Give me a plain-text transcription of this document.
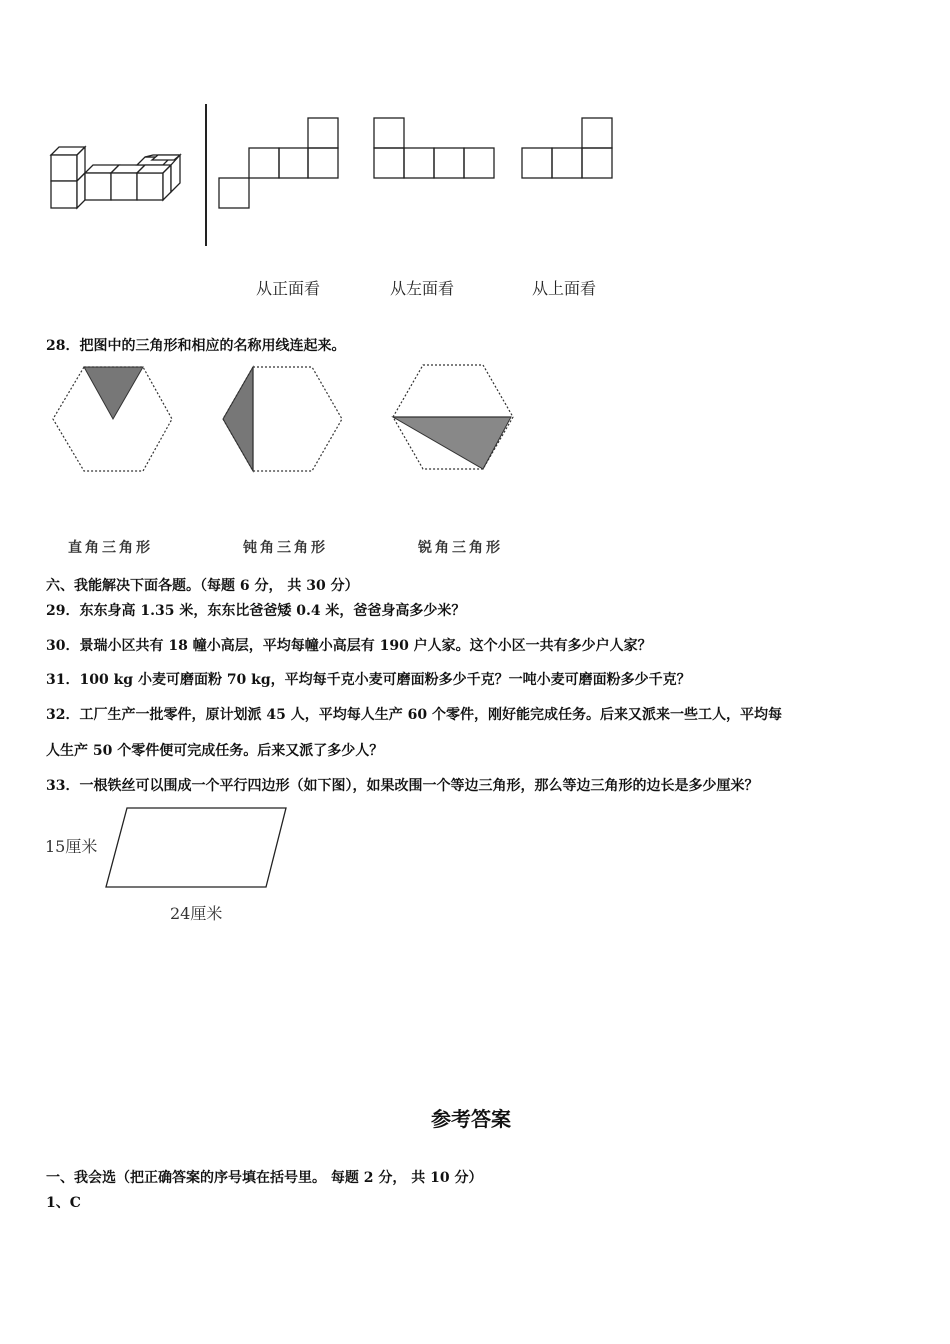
从正面看	从左面看	从上面看
28．把图中的三角形和相应的名称用线连起来。
直角三角形	钝角三角形	锐角三角形
六、我能解决下面各题。（每题 6 分， 共 30 分）
29．东东身高 1.35 米，东东比爸爸矮 0.4 米，爸爸身高多少米？
30．景瑞小区共有 18 幢小高层，平均每幢小高层有 190 户人家。这个小区一共有多少户人家？
31．100 kg 小麦可磨面粉 70 kg，平均每千克小麦可磨面粉多少千克？一吨小麦可磨面粉多少千克？
32．工厂生产一批零件，原计划派 45 人，平均每人生产 60 个零件，刚好能完成任务。后来又派来一些工人，平均每
人生产 50 个零件便可完成任务。后来又派了多少人？
33．一根铁丝可以围成一个平行四边形（如下图），如果改围一个等边三角形，那么等边三角形的边长是多少厘米？
15厘米
24厘米
参考答案
一、我会选（把正确答案的序号填在括号里。 每题 2 分， 共 10 分）
1、C
